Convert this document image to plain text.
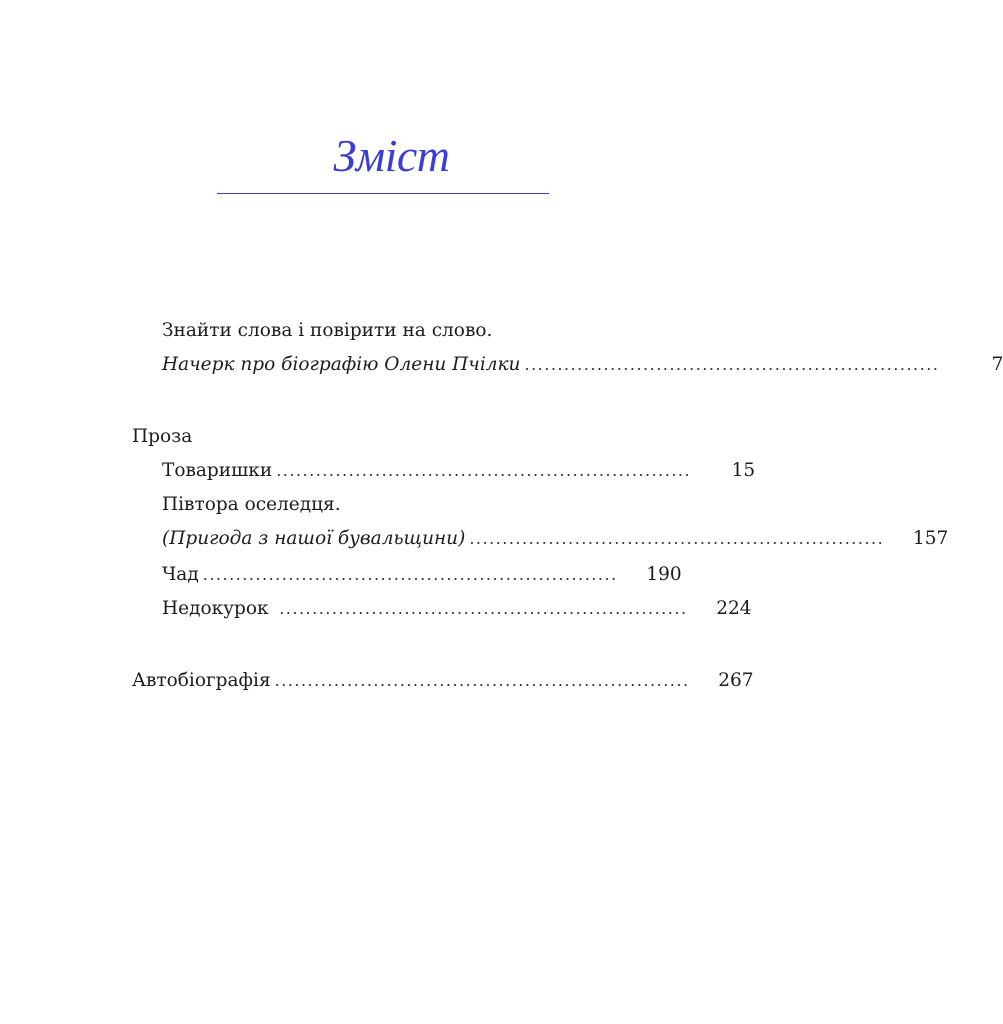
Зміст
Знайти слова і повірити на слово.
Начерк про біографію Олени Пчілки ...............................................................	7
Проза
Товаришки ...............................................................	15
Півтора оселедця.
(Пригода з нашої бувальщини) ...............................................................	157
Чад ...............................................................	190
Недокурок ..............................................................	224
Автобіографія ...............................................................	267
